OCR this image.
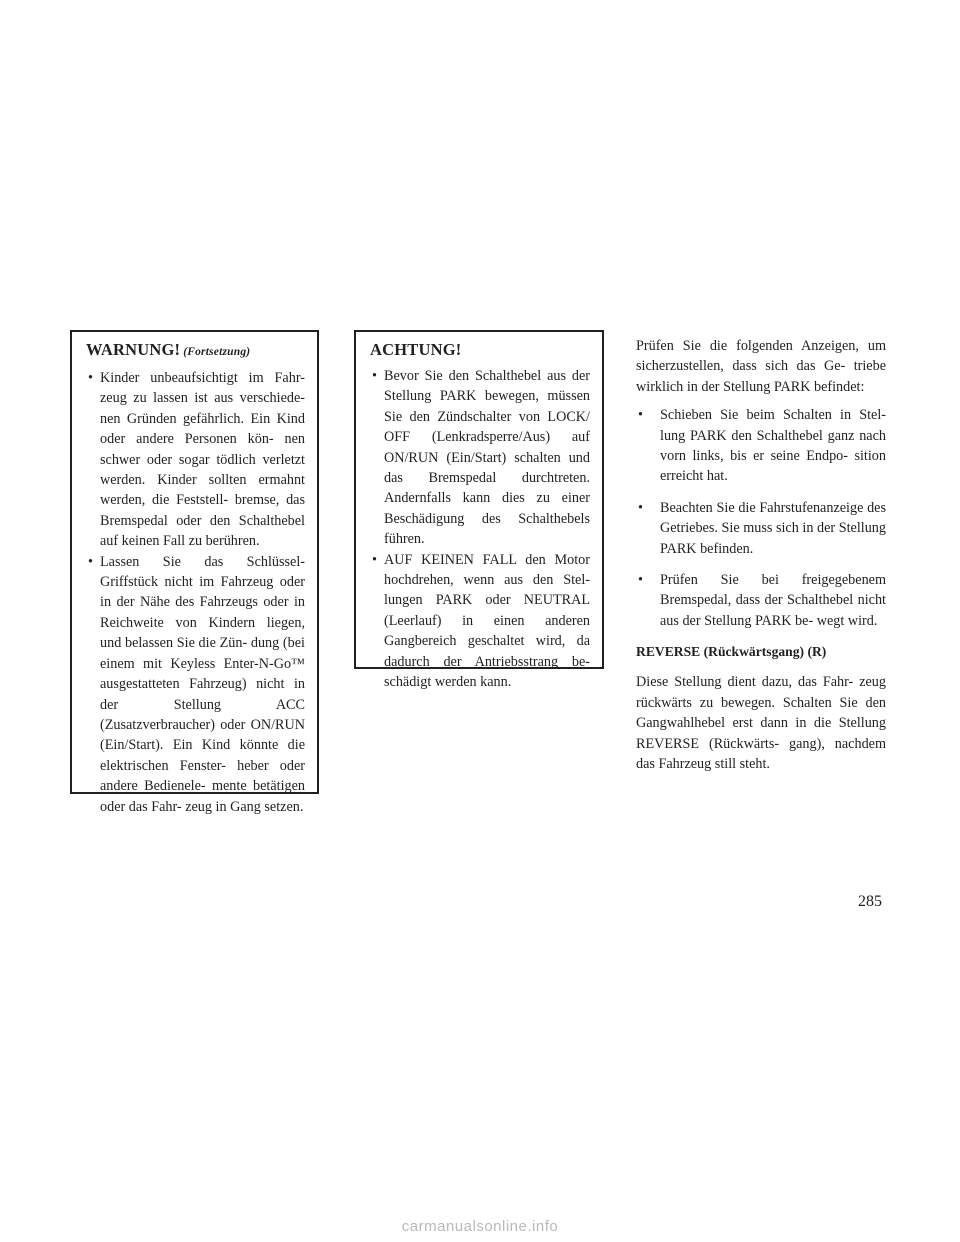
WARNUNG! (Fortsetzung)
• Kinder unbeaufsichtigt im Fahr- zeug zu lassen ist aus verschiede- nen Gründen gefährlich. Ein Kind oder andere Personen kön- nen schwer oder sogar tödlich verletzt werden. Kinder sollten ermahnt werden, die Feststell- bremse, das Bremspedal oder den Schalthebel auf keinen Fall zu berühren.
• Lassen Sie das Schlüssel- Griffstück nicht im Fahrzeug oder in der Nähe des Fahrzeugs oder in Reichweite von Kindern liegen, und belassen Sie die Zün- dung (bei einem mit Keyless Enter-N-Go™ ausgestatteten Fahrzeug) nicht in der Stellung ACC (Zusatzverbraucher) oder ON/RUN (Ein/Start). Ein Kind könnte die elektrischen Fenster- heber oder andere Bedienele- mente betätigen oder das Fahr- zeug in Gang setzen.
ACHTUNG!
• Bevor Sie den Schalthebel aus der Stellung PARK bewegen, müssen Sie den Zündschalter von LOCK/ OFF (Lenkradsperre/Aus) auf ON/RUN (Ein/Start) schalten und das Bremspedal durchtreten. Andernfalls kann dies zu einer Beschädigung des Schalthebels führen.
• AUF KEINEN FALL den Motor hochdrehen, wenn aus den Stel- lungen PARK oder NEUTRAL (Leerlauf) in einen anderen Gangbereich geschaltet wird, da dadurch der Antriebsstrang be- schädigt werden kann.

Prüfen Sie die folgenden Anzeigen, um sicherzustellen, dass sich das Ge- triebe wirklich in der Stellung PARK befindet:

• Schieben Sie beim Schalten in Stel- lung PARK den Schalthebel ganz nach vorn links, bis er seine Endpo- sition erreicht hat.
• Beachten Sie die Fahrstufenanzeige des Getriebes. Sie muss sich in der Stellung PARK befinden.
• Prüfen Sie bei freigegebenem Bremspedal, dass der Schalthebel nicht aus der Stellung PARK be- wegt wird.
REVERSE (Rückwärtsgang) (R)

Diese Stellung dient dazu, das Fahr- zeug rückwärts zu bewegen. Schalten Sie den Gangwahlhebel erst dann in die Stellung REVERSE (Rückwärts- gang), nachdem das Fahrzeug still steht.

285
carmanualsonline.info
